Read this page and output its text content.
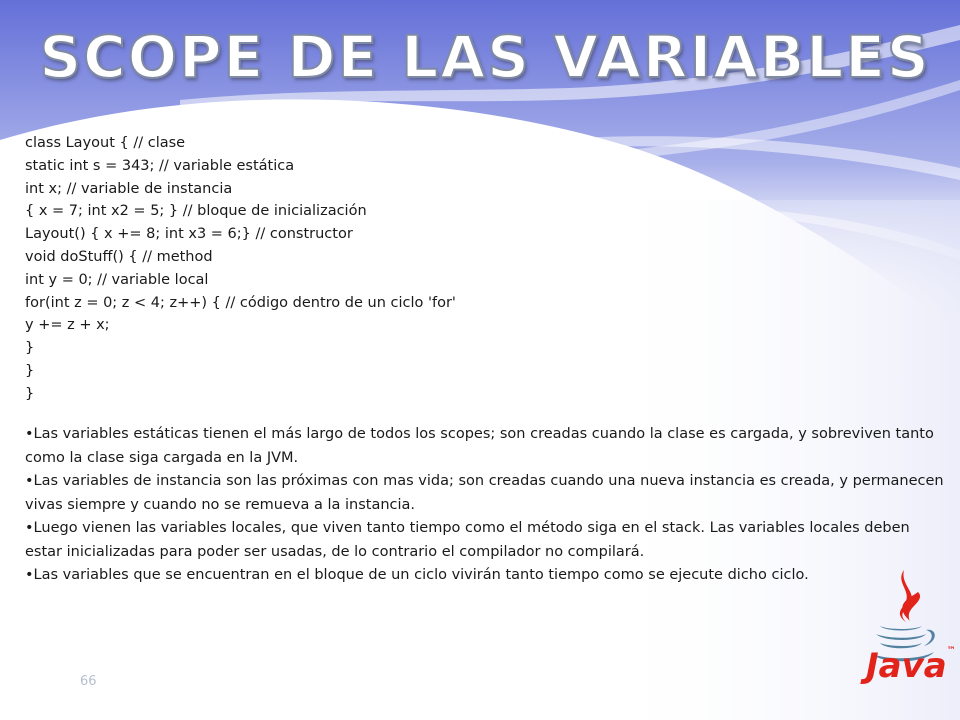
SCOPE DE LAS VARIABLES
class Layout { // clase
static int s = 343; // variable estática
int x; // variable de instancia
{ x = 7; int x2 = 5; } // bloque de inicialización
Layout() { x += 8; int x3 = 6;} // constructor
void doStuff() { // method
int y = 0; // variable local
for(int z = 0; z < 4; z++) { // código dentro de un ciclo 'for'
y += z + x;
}
}
}

•Las variables estáticas tienen el más largo de todos los scopes; son creadas cuando la clase es cargada, y sobreviven tanto como la clase siga cargada en la JVM.

•Las variables de instancia son las próximas con mas vida; son creadas cuando una nueva instancia es creada, y permanecen vivas siempre y cuando no se remueva a la instancia.

•Luego vienen las variables locales, que viven tanto tiempo como el método siga en el stack. Las variables locales deben estar inicializadas para poder ser usadas, de lo contrario el compilador no compilará.

•Las variables que se encuentran en el bloque de un ciclo vivirán tanto tiempo como se ejecute dicho ciclo.

66	Java™
